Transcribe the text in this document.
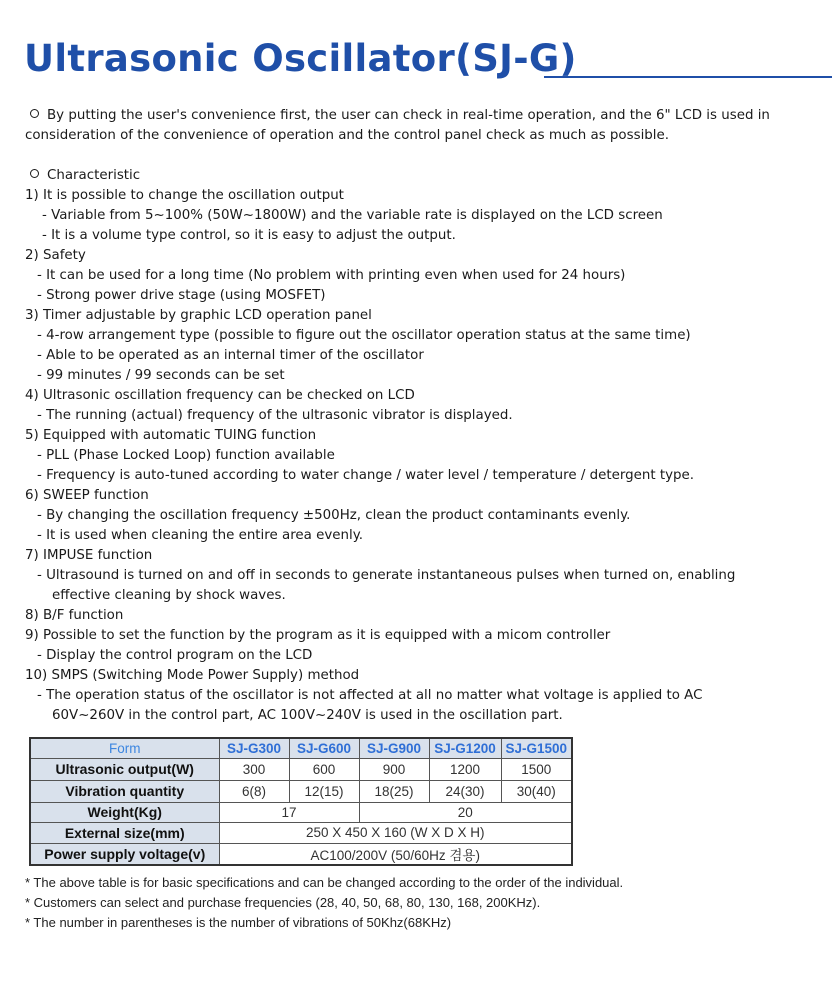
Ultrasonic Oscillator(SJ-G)
By putting the user's convenience first, the user can check in real-time operation, and the 6" LCD is used in
consideration of the convenience of operation and the control panel check as much as possible.
Characteristic
1) It is possible to change the oscillation output
- Variable from 5~100% (50W~1800W) and the variable rate is displayed on the LCD screen
- It is a volume type control, so it is easy to adjust the output.
2) Safety
- It can be used for a long time (No problem with printing even when used for 24 hours)
- Strong power drive stage (using MOSFET)
3) Timer adjustable by graphic LCD operation panel
- 4-row arrangement type (possible to figure out the oscillator operation status at the same time)
- Able to be operated as an internal timer of the oscillator
- 99 minutes / 99 seconds can be set
4) Ultrasonic oscillation frequency can be checked on LCD
- The running (actual) frequency of the ultrasonic vibrator is displayed.
5) Equipped with automatic TUING function
- PLL (Phase Locked Loop) function available
- Frequency is auto-tuned according to water change / water level / temperature / detergent type.
6) SWEEP function
- By changing the oscillation frequency ±500Hz, clean the product contaminants evenly.
- It is used when cleaning the entire area evenly.
7) IMPUSE function
- Ultrasound is turned on and off in seconds to generate instantaneous pulses when turned on, enabling
effective cleaning by shock waves.
8) B/F function
9) Possible to set the function by the program as it is equipped with a micom controller
- Display the control program on the LCD
10) SMPS (Switching Mode Power Supply) method
- The operation status of the oscillator is not affected at all no matter what voltage is applied to AC
60V~260V in the control part, AC 100V~240V is used in the oscillation part.
Form	SJ-G300	SJ-G600	SJ-G900	SJ-G1200	SJ-G1500
Ultrasonic output(W)	300	600	900	1200	1500
Vibration quantity	6(8)	12(15)	18(25)	24(30)	30(40)
Weight(Kg)	17		20		
External size(mm)	250 X 450 X 160 (W X D X H)				
Power supply voltage(v)	AC100/200V (50/60Hz 겸용)				
* The above table is for basic specifications and can be changed according to the order of the individual.
* Customers can select and purchase frequencies (28, 40, 50, 68, 80, 130, 168, 200KHz).
* The number in parentheses is the number of vibrations of 50Khz(68KHz)
